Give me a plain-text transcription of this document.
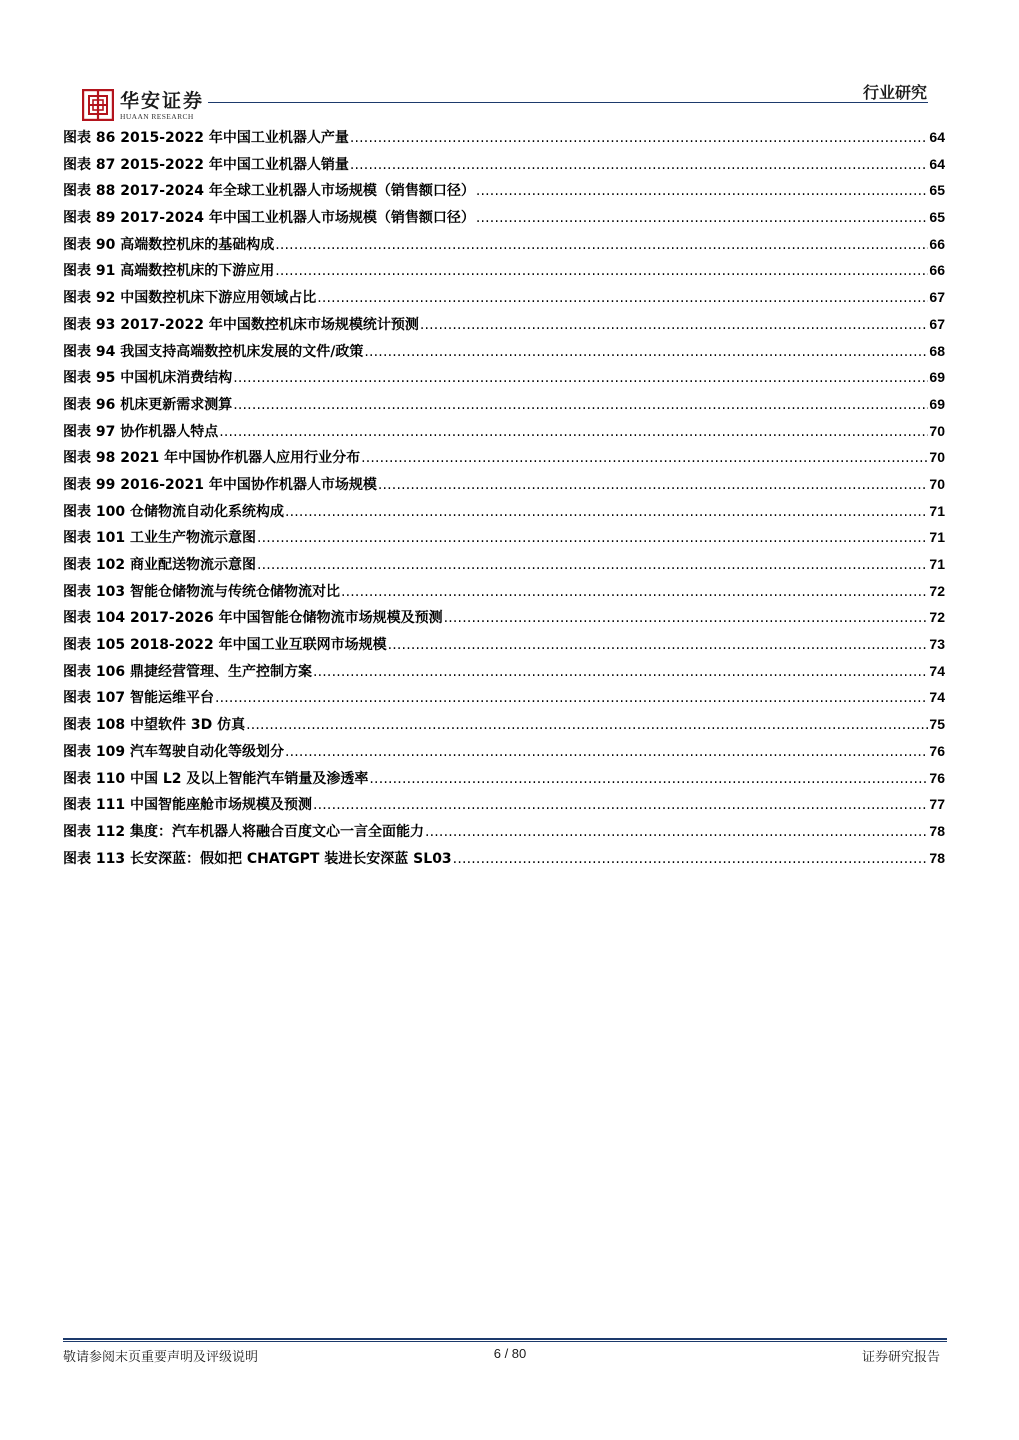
华安证券
HUAAN RESEARCH
行业研究
图表 86 2015-2022 年中国工业机器人产量 .....	64
图表 87 2015-2022 年中国工业机器人销量 .....	64
图表 88 2017-2024 年全球工业机器人市场规模（销售额口径） .....	65
图表 89 2017-2024 年中国工业机器人市场规模（销售额口径） .....	65
图表 90 高端数控机床的基础构成 .....	66
图表 91 高端数控机床的下游应用 .....	66
图表 92 中国数控机床下游应用领域占比 .....	67
图表 93 2017-2022 年中国数控机床市场规模统计预测 .....	67
图表 94 我国支持高端数控机床发展的文件/政策 .....	68
图表 95 中国机床消费结构 .....	69
图表 96 机床更新需求测算 .....	69
图表 97 协作机器人特点 .....	70
图表 98 2021 年中国协作机器人应用行业分布 .....	70
图表 99 2016-2021 年中国协作机器人市场规模 .....	70
图表 100 仓储物流自动化系统构成 .....	71
图表 101 工业生产物流示意图 .....	71
图表 102 商业配送物流示意图 .....	71
图表 103 智能仓储物流与传统仓储物流对比 .....	72
图表 104 2017-2026 年中国智能仓储物流市场规模及预测 .....	72
图表 105 2018-2022 年中国工业互联网市场规模 .....	73
图表 106 鼎捷经营管理、生产控制方案 .....	74
图表 107 智能运维平台 .....	74
图表 108 中望软件 3D 仿真 .....	75
图表 109 汽车驾驶自动化等级划分 .....	76
图表 110 中国 L2 及以上智能汽车销量及渗透率 .....	76
图表 111 中国智能座舱市场规模及预测 .....	77
图表 112 集度：汽车机器人将融合百度文心一言全面能力 .....	78
图表 113 长安深蓝：假如把 CHATGPT 装进长安深蓝 SL03 .....	78
敬请参阅末页重要声明及评级说明	6 / 80	证券研究报告
